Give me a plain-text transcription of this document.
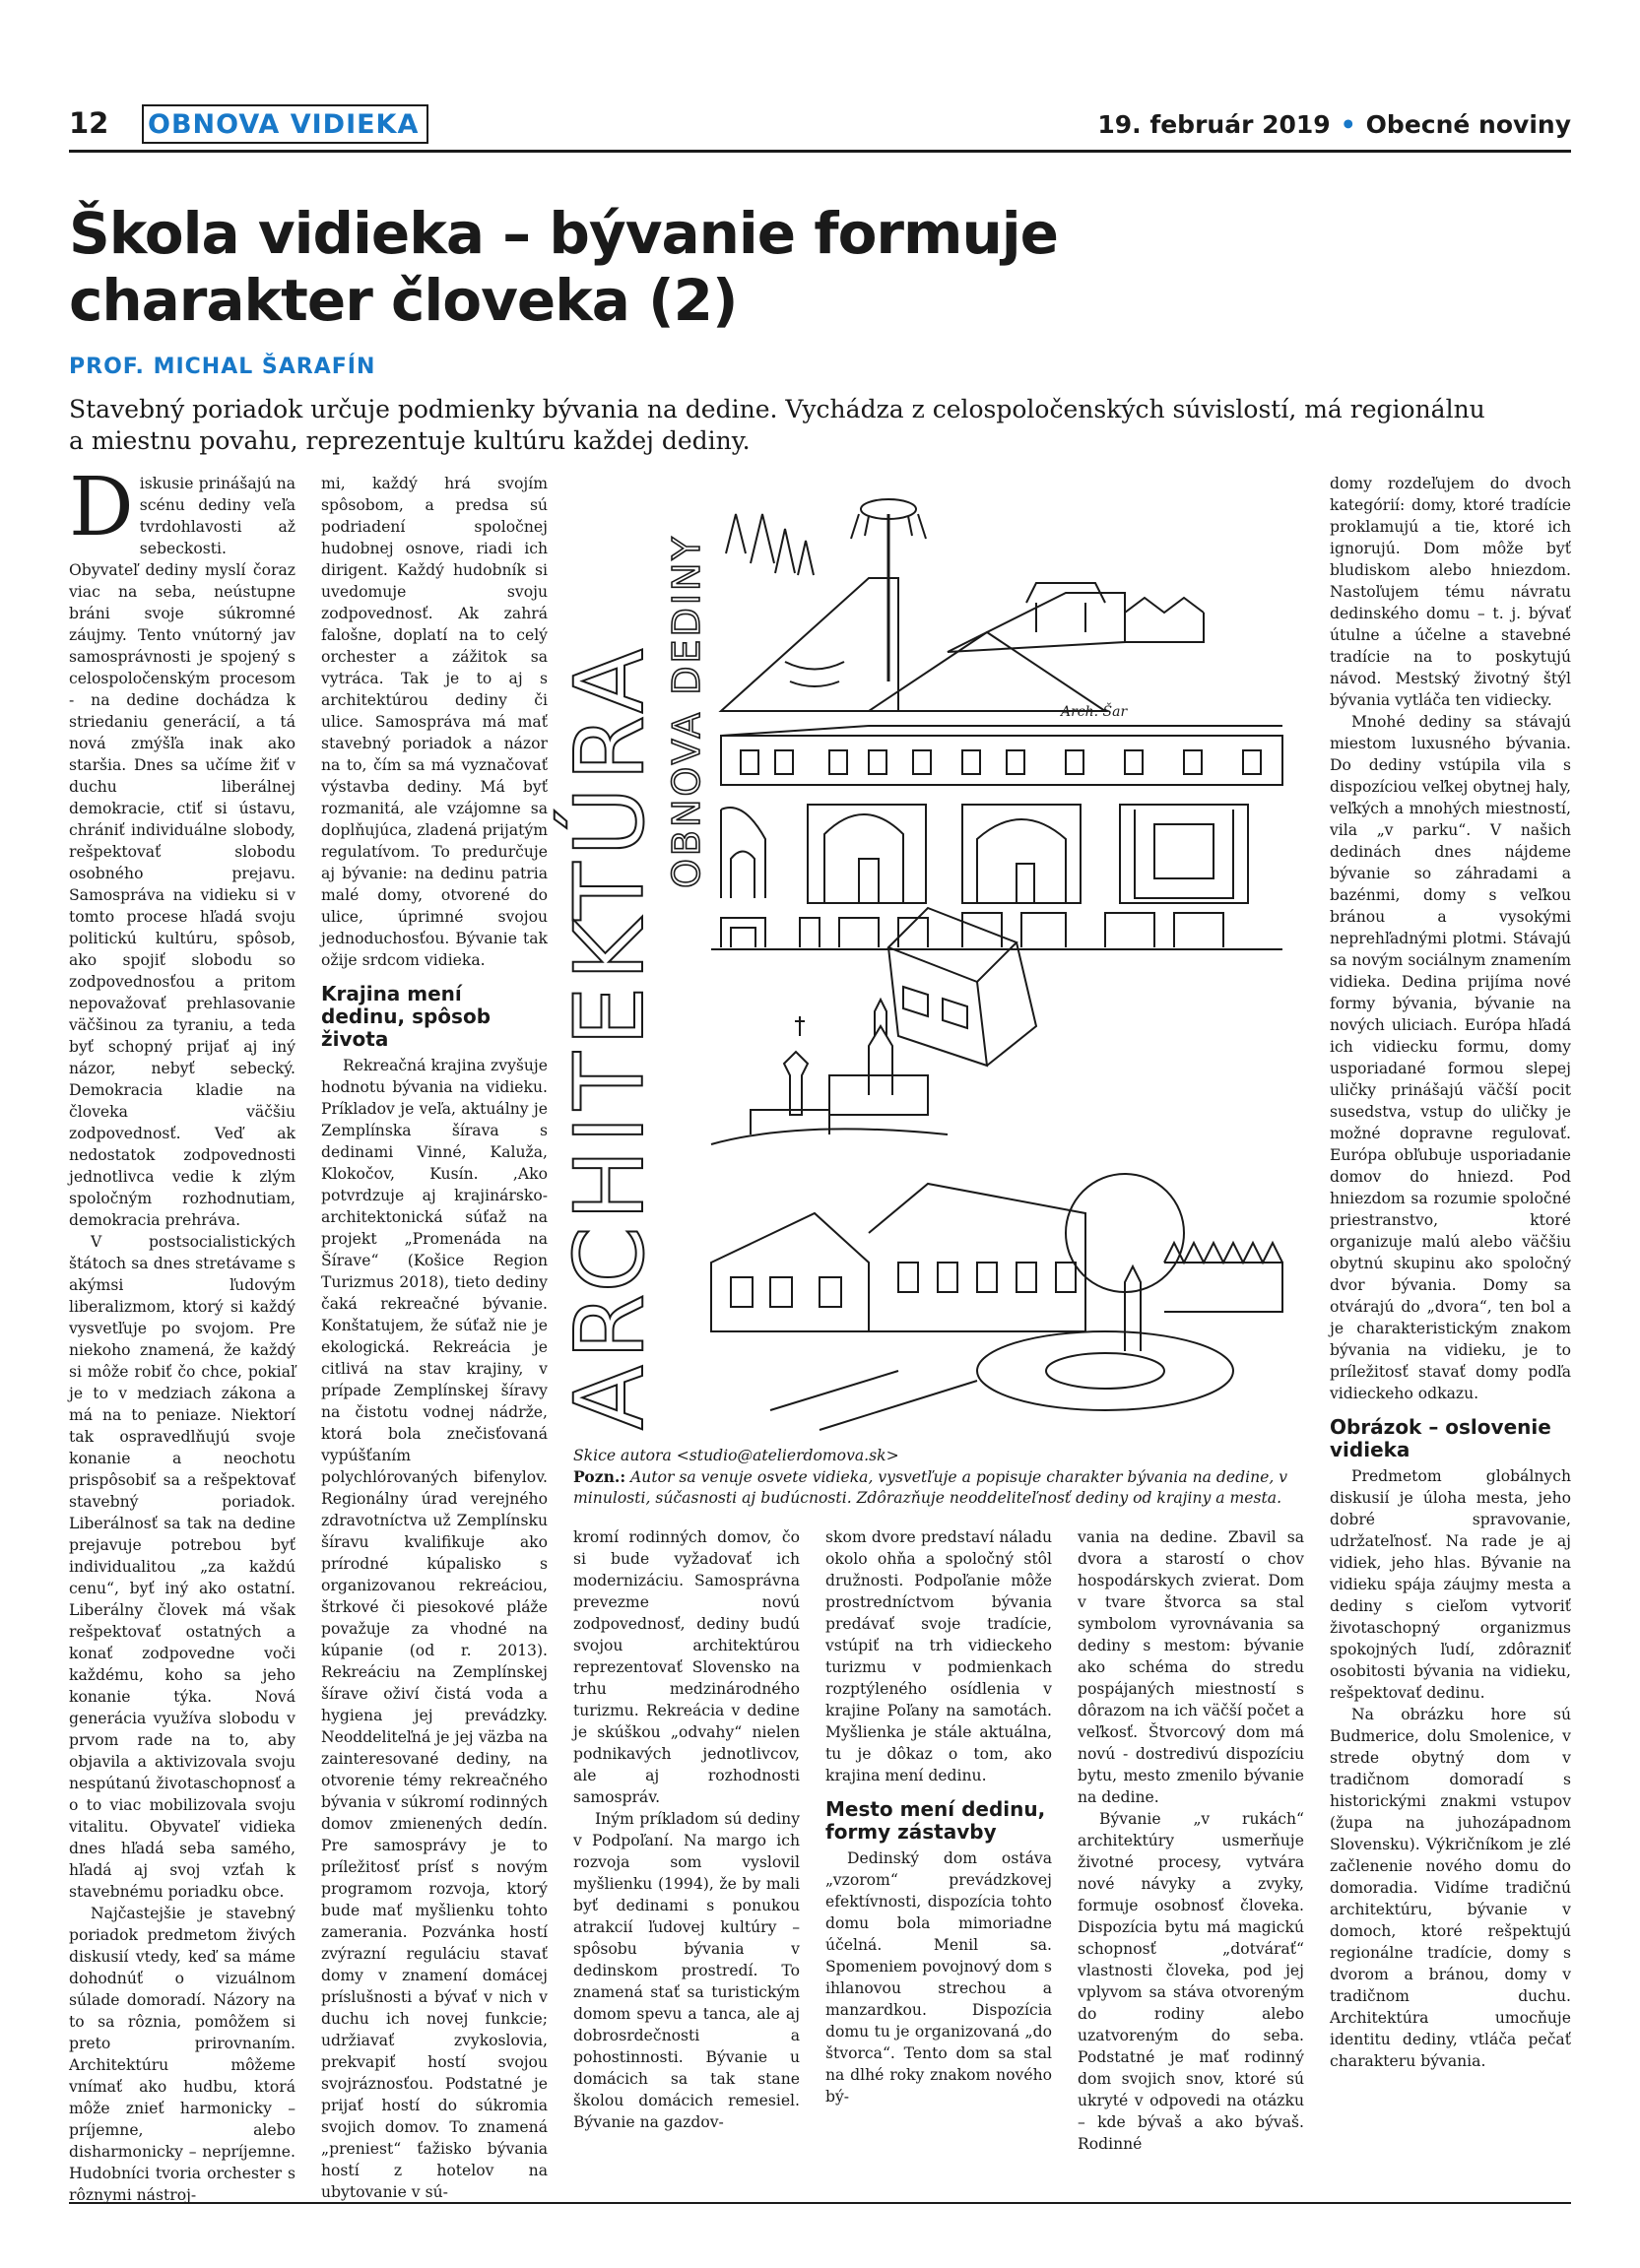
12 OBNOVA VIDIEKA	19. február 2019 • Obecné noviny
Škola vidieka – bývanie formuje charakter človeka (2)
PROF. MICHAL ŠARAFÍN

Stavebný poriadok určuje podmienky bývania na dedine. Vychádza z celospoločenských súvislostí, má regionálnu a miestnu povahu, reprezentuje kultúru každej dediny.

Diskusie prinášajú na scénu dediny veľa tvrdohlavosti až sebeckosti. Obyvateľ dediny myslí čoraz viac na seba, neústupne bráni svoje súkromné záujmy. Tento vnútorný jav samosprávnosti je spojený s celospoločenským procesom - na dedine dochádza k striedaniu generácií, a tá nová zmýšľa inak ako staršia. Dnes sa učíme žiť v duchu liberálnej demokracie, ctiť si ústavu, chrániť individuálne slobody, rešpektovať slobodu osobného prejavu. Samospráva na vidieku si v tomto procese hľadá svoju politickú kultúru, spôsob, ako spojiť slobodu so zodpovednosťou a pritom nepovažovať prehlasovanie väčšinou za tyraniu, a teda byť schopný prijať aj iný názor, nebyť sebecký. Demokracia kladie na človeka väčšiu zodpovednosť. Veď ak nedostatok zodpovednosti jednotlivca vedie k zlým spoločným rozhodnutiam, demokracia prehráva.

V postsocialistických štátoch sa dnes stretávame s akýmsi ľudovým liberalizmom, ktorý si každý vysvetľuje po svojom. Pre niekoho znamená, že každý si môže robiť čo chce, pokiaľ je to v medziach zákona a má na to peniaze. Niektorí tak ospravedlňujú svoje konanie a neochotu prispôsobiť sa a rešpektovať stavebný poriadok. Liberálnosť sa tak na dedine prejavuje potrebou byť individualitou „za každú cenu“, byť iný ako ostatní. Liberálny človek má však rešpektovať ostatných a konať zodpovedne voči každému, koho sa jeho konanie týka. Nová generácia využíva slobodu v prvom rade na to, aby objavila a aktivizovala svoju nespútanú životaschopnosť a o to viac mobilizovala svoju vitalitu. Obyvateľ vidieka dnes hľadá seba samého, hľadá aj svoj vzťah k stavebnému poriadku obce.

Najčastejšie je stavebný poriadok predmetom živých diskusií vtedy, keď sa máme dohodnúť o vizuálnom súlade domoradí. Názory na to sa rôznia, pomôžem si preto prirovnaním. Architektúru môžeme vnímať ako hudbu, ktorá môže znieť harmonicky – príjemne, alebo disharmonicky – nepríjemne. Hudobníci tvoria orchester s rôznymi nástroj-

mi, každý hrá svojím spôsobom, a predsa sú podriadení spoločnej hudobnej osnove, riadi ich dirigent. Každý hudobník si uvedomuje svoju zodpovednosť. Ak zahrá falošne, doplatí na to celý orchester a zážitok sa vytráca. Tak je to aj s architektúrou dediny či ulice. Samospráva má mať stavebný poriadok a názor na to, čím sa má vyznačovať výstavba dediny. Má byť rozmanitá, ale vzájomne sa doplňujúca, zladená prijatým regulatívom. To predurčuje aj bývanie: na dedinu patria malé domy, otvorené do ulice, úprimné svojou jednoduchosťou. Bývanie tak ožije srdcom vidieka.

Krajina mení dedinu, spôsob života

Rekreačná krajina zvyšuje hodnotu bývania na vidieku. Príkladov je veľa, aktuálny je Zemplínska šírava s dedinami Vinné, Kaluža, Klokočov, Kusín. ,Ako potvrdzuje aj krajinársko-architektonická súťaž na projekt „Promenáda na Šírave“ (Košice Region Turizmus 2018), tieto dediny čaká rekreačné bývanie. Konštatujem, že súťaž nie je ekologická. Rekreácia je citlivá na stav krajiny, v prípade Zemplínskej šíravy na čistotu vodnej nádrže, ktorá bola znečisťovaná vypúšťaním polychlórovaných bifenylov. Regionálny úrad verejného zdravotníctva už Zemplínsku šíravu kvalifikuje ako prírodné kúpalisko s organizovanou rekreáciou, štrkové či piesokové pláže považuje za vhodné na kúpanie (od r. 2013). Rekreáciu na Zemplínskej šírave oživí čistá voda a hygiena jej prevádzky. Neoddeliteľná je jej väzba na zainteresované dediny, na otvorenie témy rekreačného bývania v súkromí rodinných domov zmienených dedín. Pre samosprávy je to príležitosť prísť s novým programom rozvoja, ktorý bude mať myšlienku tohto zamerania. Pozvánka hostí zvýrazní reguláciu stavať domy v znamení domácej príslušnosti a bývať v nich v duchu ich novej funkcie; udržiavať zvykoslovia, prekvapiť hostí svojou svojráznosťou. Podstatné je prijať hostí do súkromia svojich domov. To znamená „preniest“ ťažisko bývania hostí z hotelov na ubytovanie v sú-

ARCHITEKTÚRA OBNOVA DEDINY	Arch. Šar
Skice autora <studio@atelierdomova.sk>
Pozn.: Autor sa venuje osvete vidieka, vysvetľuje a popisuje charakter bývania na dedine, v minulosti, súčasnosti aj budúcnosti. Zdôrazňuje neoddeliteľnosť dediny od krajiny a mesta.

kromí rodinných domov, čo si bude vyžadovať ich modernizáciu. Samosprávna prevezme novú zodpovednosť, dediny budú svojou architektúrou reprezentovať Slovensko na trhu medzinárodného turizmu. Rekreácia v dedine je skúškou „odvahy“ nielen podnikavých jednotlivcov, ale aj rozhodnosti samospráv.

Iným príkladom sú dediny v Podpoľaní. Na margo ich rozvoja som vyslovil myšlienku (1994), že by mali byť dedinami s ponukou atrakcií ľudovej kultúry – spôsobu bývania v dedinskom prostredí. To znamená stať sa turistickým domom spevu a tanca, ale aj dobrosrdečnosti a pohostinnosti. Bývanie u domácich sa tak stane školou domácich remesiel. Bývanie na gazdov-

skom dvore predstaví náladu okolo ohňa a spoločný stôl družnosti. Podpoľanie môže prostredníctvom bývania predávať svoje tradície, vstúpiť na trh vidieckeho turizmu v podmienkach rozptýleného osídlenia v krajine Poľany na samotách. Myšlienka je stále aktuálna, tu je dôkaz o tom, ako krajina mení dedinu.

Mesto mení dedinu, formy zástavby

Dedinský dom ostáva „vzorom“ prevádzkovej efektívnosti, dispozícia tohto domu bola mimoriadne účelná. Menil sa. Spomeniem povojnový dom s ihlanovou strechou a manzardkou. Dispozícia domu tu je organizovaná „do štvorca“. Tento dom sa stal na dlhé roky znakom nového bý-

vania na dedine. Zbavil sa dvora a starostí o chov hospodárskych zvierat. Dom v tvare štvorca sa stal symbolom vyrovnávania sa dediny s mestom: bývanie ako schéma do stredu pospájaných miestností s dôrazom na ich väčší počet a veľkosť. Štvorcový dom má novú - dostredivú dispozíciu bytu, mesto zmenilo bývanie na dedine.

Bývanie „v rukách“ architektúry usmerňuje životné procesy, vytvára nové návyky a zvyky, formuje osobnosť človeka. Dispozícia bytu má magickú schopnosť „dotvárať“ vlastnosti človeka, pod jej vplyvom sa stáva otvoreným do rodiny alebo uzatvoreným do seba. Podstatné je mať rodinný dom svojich snov, ktoré sú ukryté v odpovedi na otázku – kde bývaš a ako bývaš. Rodinné

domy rozdeľujem do dvoch kategórií: domy, ktoré tradície proklamujú a tie, ktoré ich ignorujú. Dom môže byť bludiskom alebo hniezdom. Nastoľujem tému návratu dedinského domu – t. j. bývať útulne a účelne a stavebné tradície na to poskytujú návod. Mestský životný štýl bývania vytláča ten vidiecky.

Mnohé dediny sa stávajú miestom luxusného bývania. Do dediny vstúpila vila s dispozíciou veľkej obytnej haly, veľkých a mnohých miestností, vila „v parku“. V našich dedinách dnes nájdeme bývanie so záhradami a bazénmi, domy s veľkou bránou a vysokými neprehľadnými plotmi. Stávajú sa novým sociálnym znamením vidieka. Dedina prijíma nové formy bývania, bývanie na nových uliciach. Európa hľadá ich vidiecku formu, domy usporiadané formou slepej uličky prinášajú väčší pocit susedstva, vstup do uličky je možné dopravne regulovať. Európa obľubuje usporiadanie domov do hniezd. Pod hniezdom sa rozumie spoločné priestranstvo, ktoré organizuje malú alebo väčšiu obytnú skupinu ako spoločný dvor bývania. Domy sa otvárajú do „dvora“, ten bol a je charakteristickým znakom bývania na vidieku, je to príležitosť stavať domy podľa vidieckeho odkazu.

Obrázok – oslovenie vidieka

Predmetom globálnych diskusií je úloha mesta, jeho dobré spravovanie, udržateľnosť. Na rade je aj vidiek, jeho hlas. Bývanie na vidieku spája záujmy mesta a dediny s cieľom vytvoriť životaschopný organizmus spokojných ľudí, zdôrazniť osobitosti bývania na vidieku, rešpektovať dedinu.

Na obrázku hore sú Budmerice, dolu Smolenice, v strede obytný dom v tradičnom domoradí s historickými znakmi vstupov (župa na juhozápadnom Slovensku). Výkričníkom je zlé začlenenie nového domu do domoradia. Vidíme tradičnú architektúru, bývanie v domoch, ktoré rešpektujú regionálne tradície, domy s dvorom a bránou, domy v tradičnom duchu. Architektúra umocňuje identitu dediny, vtláča pečať charakteru bývania.
